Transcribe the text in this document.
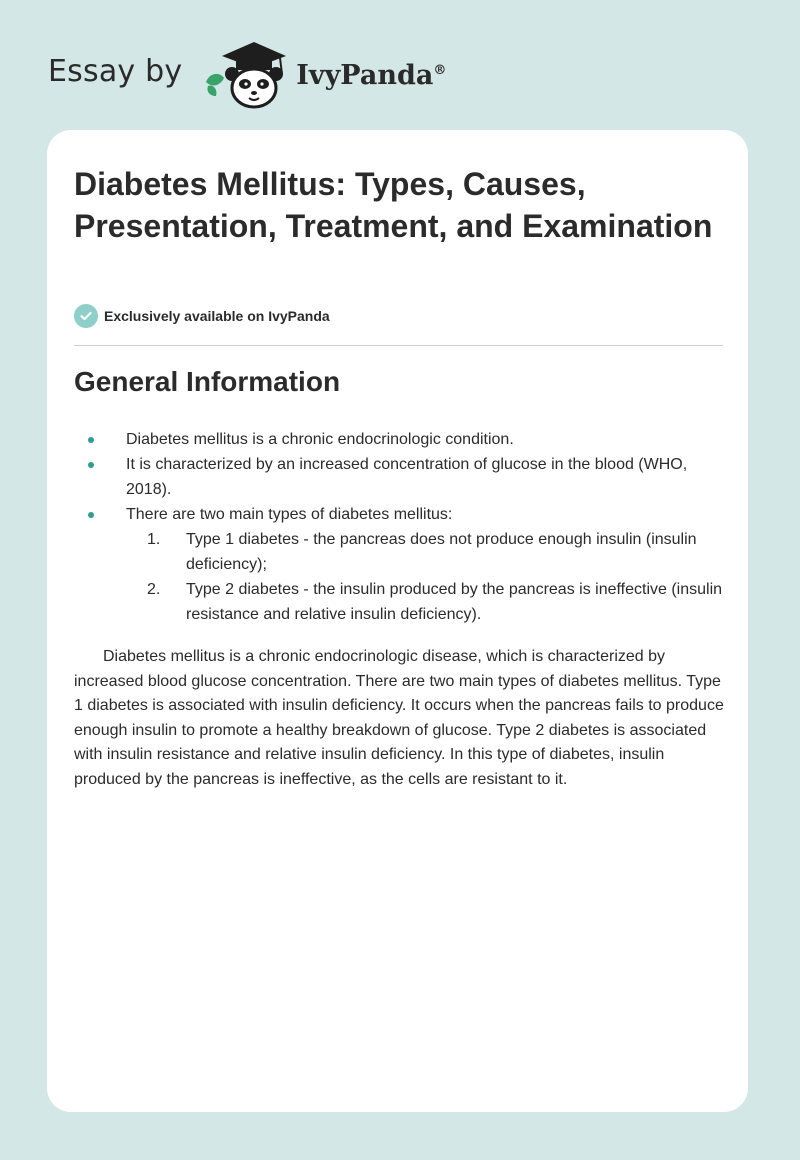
Essay by	IvyPanda®
Diabetes Mellitus: Types, Causes, Presentation, Treatment, and Examination
Exclusively available on IvyPanda
General Information
Diabetes mellitus is a chronic endocrinologic condition.
It is characterized by an increased concentration of glucose in the blood (WHO, 2018).
There are two main types of diabetes mellitus:
1. Type 1 diabetes - the pancreas does not produce enough insulin (insulin deficiency);
2. Type 2 diabetes - the insulin produced by the pancreas is ineffective (insulin resistance and relative insulin deficiency).

Diabetes mellitus is a chronic endocrinologic disease, which is characterized by increased blood glucose concentration. There are two main types of diabetes mellitus. Type 1 diabetes is associated with insulin deficiency. It occurs when the pancreas fails to produce enough insulin to promote a healthy breakdown of glucose. Type 2 diabetes is associated with insulin resistance and relative insulin deficiency. In this type of diabetes, insulin produced by the pancreas is ineffective, as the cells are resistant to it.
